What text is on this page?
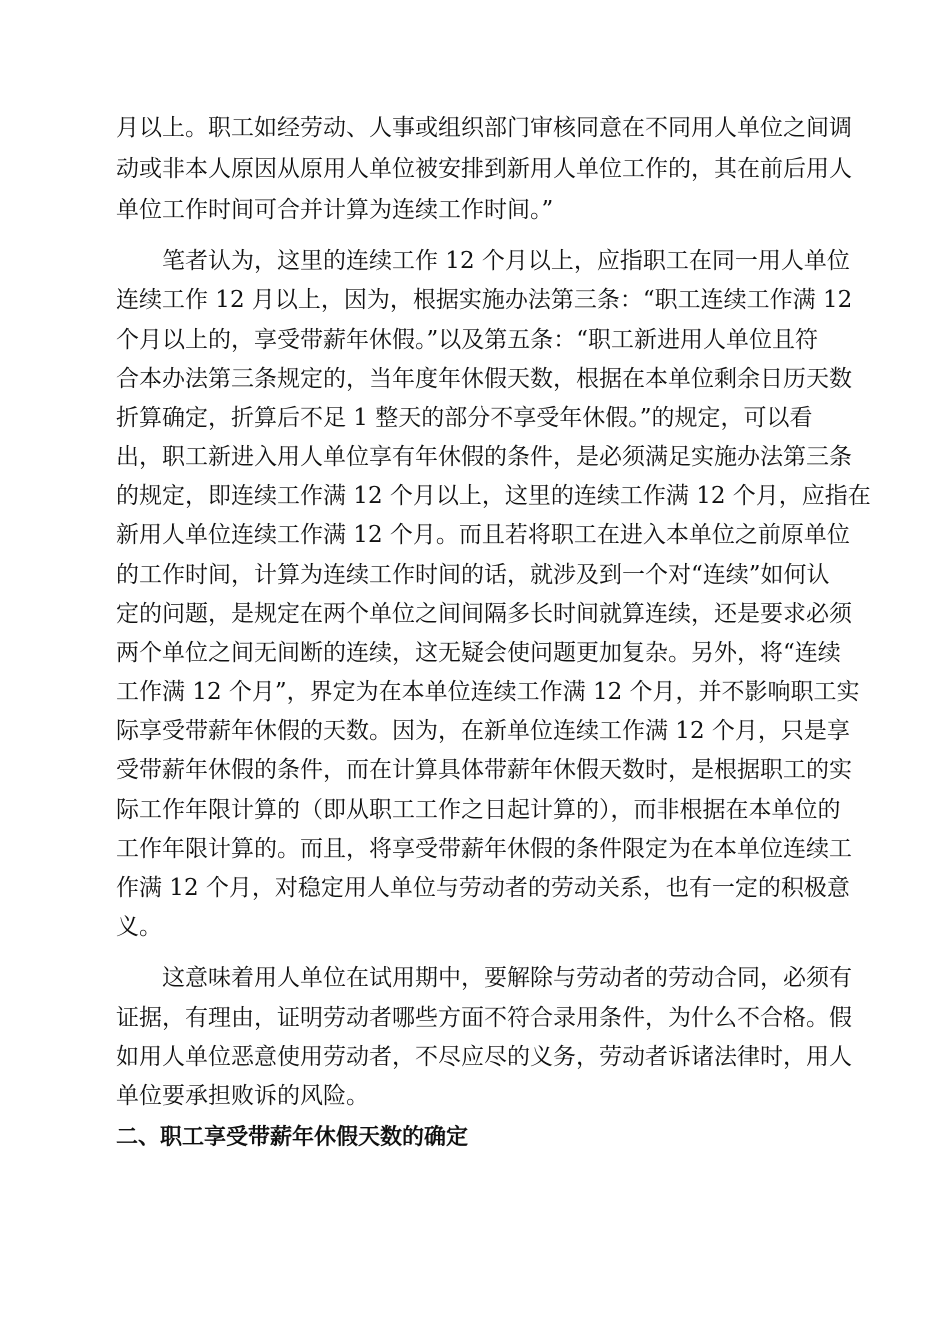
月以上。职工如经劳动、人事或组织部门审核同意在不同用人单位之间调
动或非本人原因从原用人单位被安排到新用人单位工作的，其在前后用人
单位工作时间可合并计算为连续工作时间。”
　　笔者认为，这里的连续工作 12 个月以上，应指职工在同一用人单位
连续工作 12 月以上，因为，根据实施办法第三条：“职工连续工作满 12
个月以上的，享受带薪年休假。”以及第五条：“职工新进用人单位且符
合本办法第三条规定的，当年度年休假天数，根据在本单位剩余日历天数
折算确定，折算后不足 1 整天的部分不享受年休假。”的规定，可以看
出，职工新进入用人单位享有年休假的条件，是必须满足实施办法第三条
的规定，即连续工作满 12 个月以上，这里的连续工作满 12 个月，应指在
新用人单位连续工作满 12 个月。而且若将职工在进入本单位之前原单位
的工作时间，计算为连续工作时间的话，就涉及到一个对“连续”如何认
定的问题，是规定在两个单位之间间隔多长时间就算连续，还是要求必须
两个单位之间无间断的连续，这无疑会使问题更加复杂。另外，将“连续
工作满 12 个月”，界定为在本单位连续工作满 12 个月，并不影响职工实
际享受带薪年休假的天数。因为，在新单位连续工作满 12 个月，只是享
受带薪年休假的条件，而在计算具体带薪年休假天数时，是根据职工的实
际工作年限计算的（即从职工工作之日起计算的），而非根据在本单位的
工作年限计算的。而且，将享受带薪年休假的条件限定为在本单位连续工
作满 12 个月，对稳定用人单位与劳动者的劳动关系，也有一定的积极意
义。
　　这意味着用人单位在试用期中，要解除与劳动者的劳动合同，必须有
证据，有理由，证明劳动者哪些方面不符合录用条件，为什么不合格。假
如用人单位恶意使用劳动者，不尽应尽的义务，劳动者诉诸法律时，用人
单位要承担败诉的风险。
二、职工享受带薪年休假天数的确定
